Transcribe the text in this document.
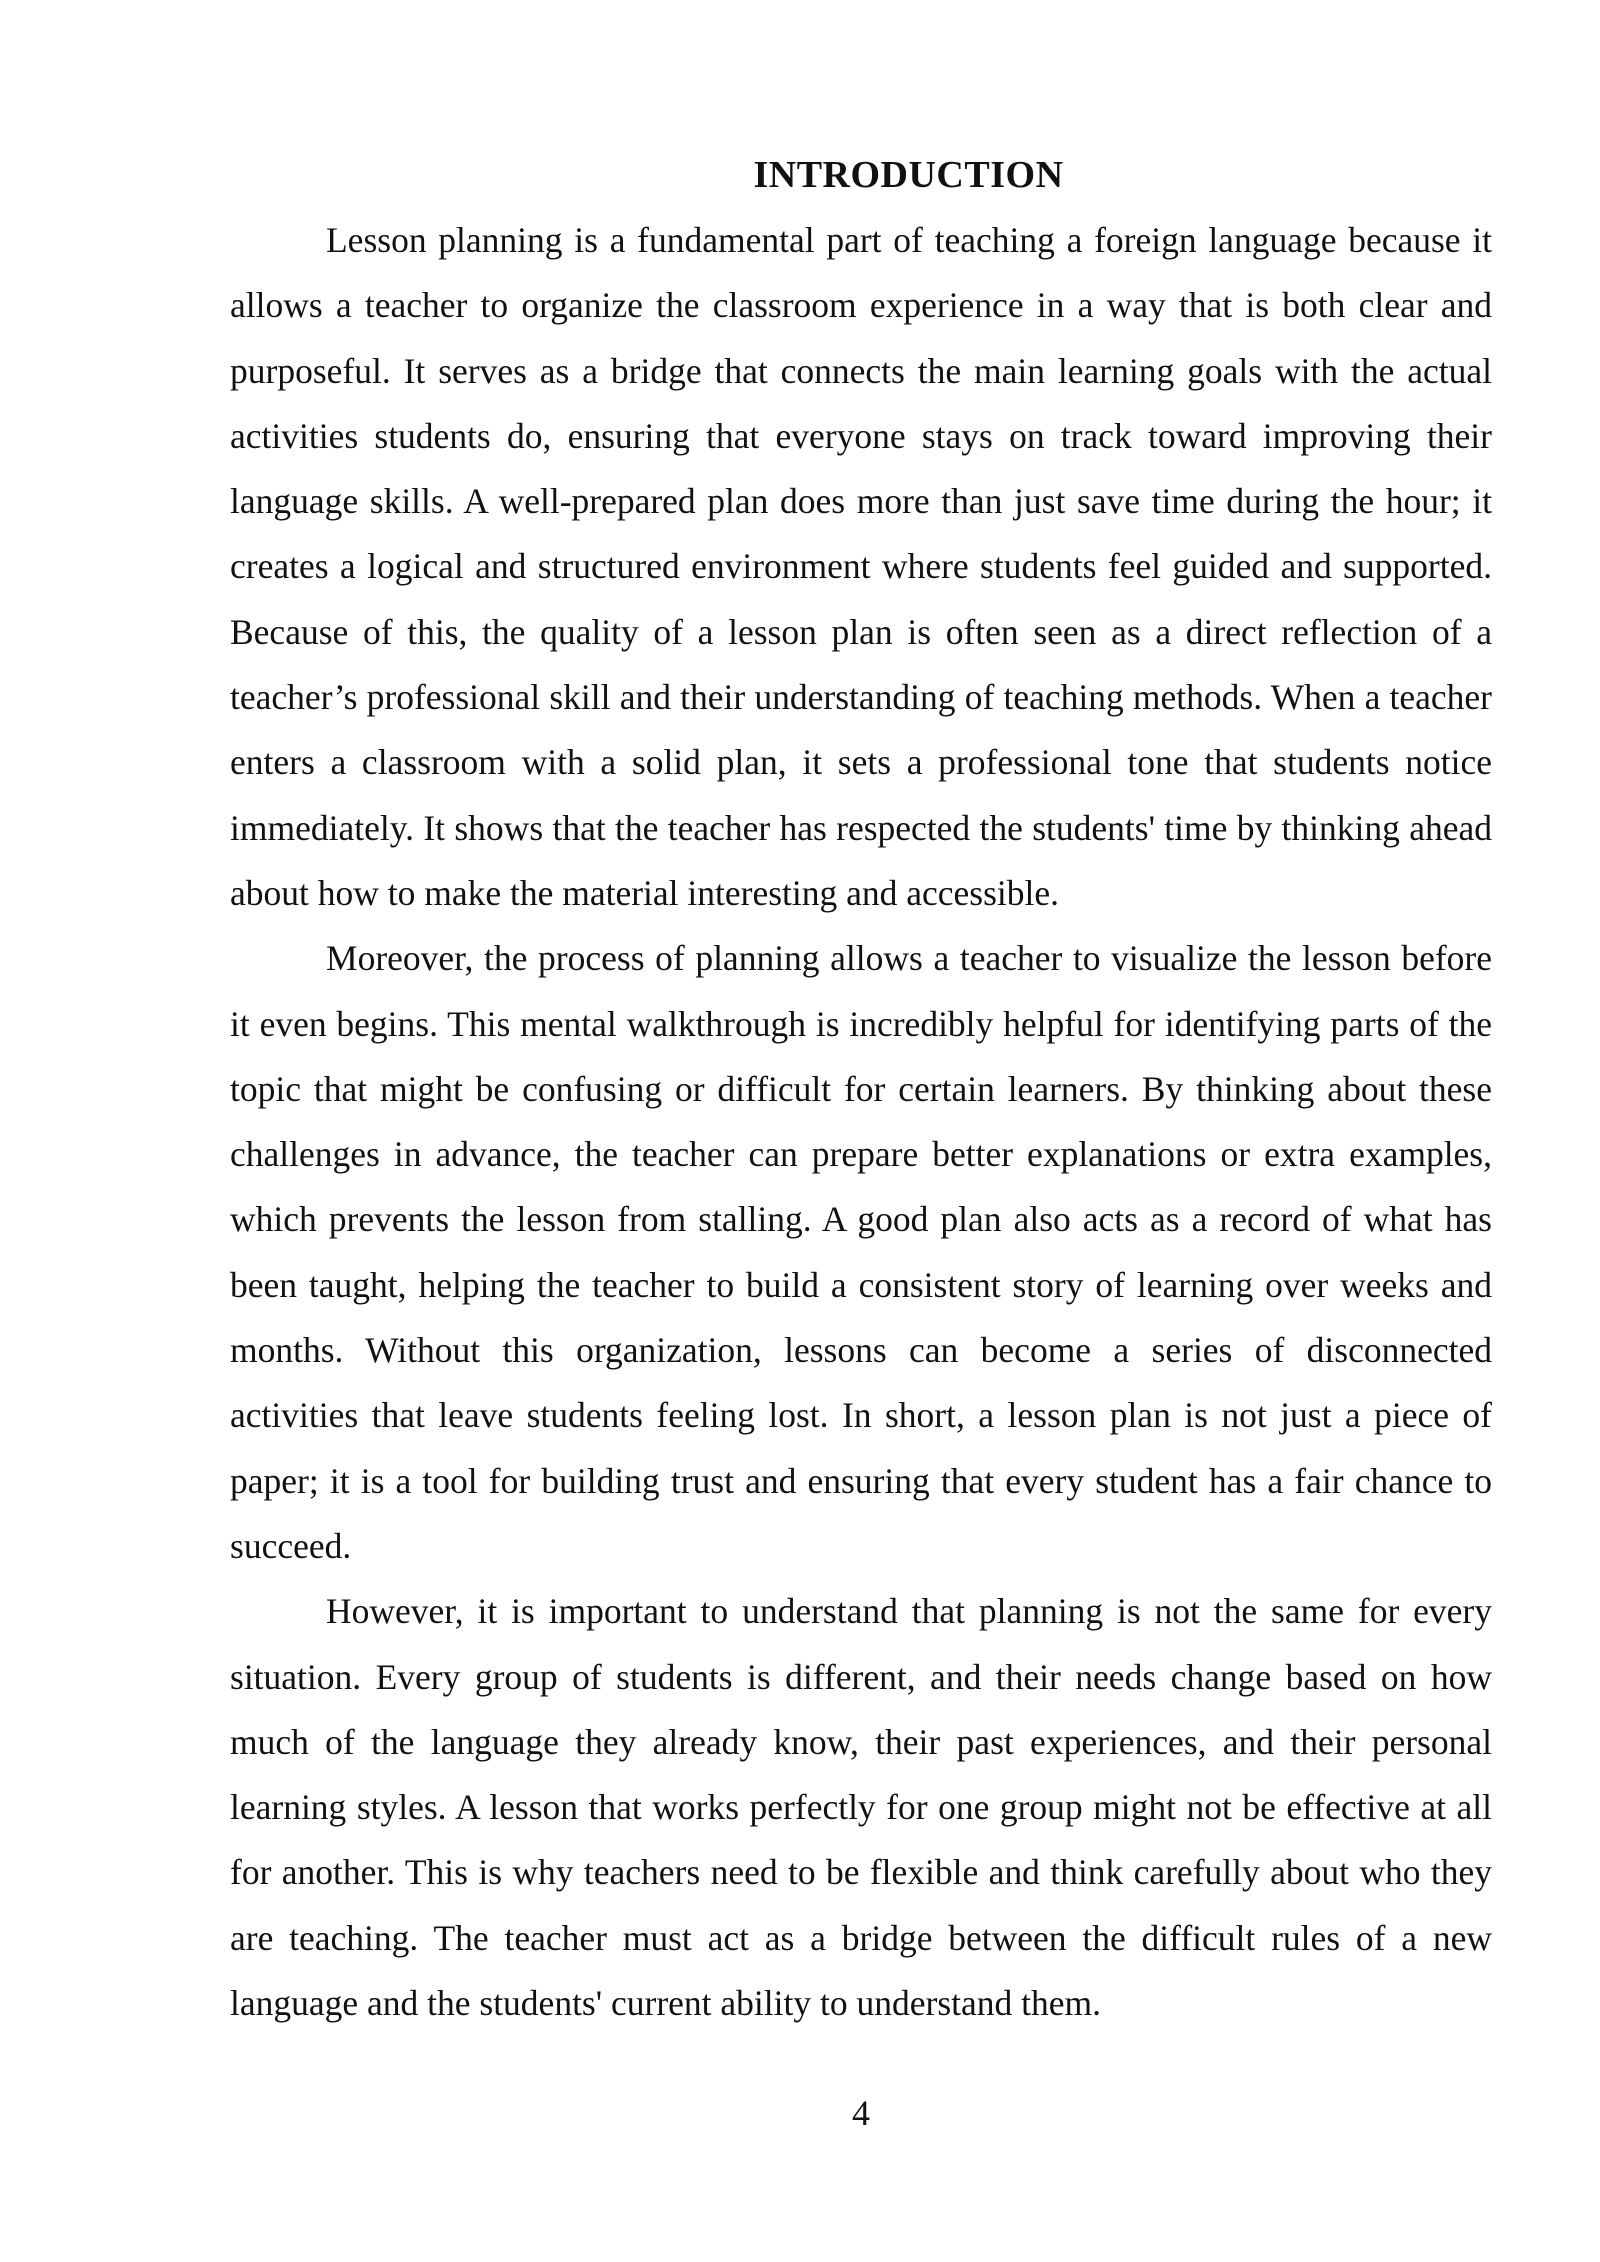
INTRODUCTION

Lesson planning is a fundamental part of teaching a foreign language because it allows a teacher to organize the classroom experience in a way that is both clear and purposeful. It serves as a bridge that connects the main learning goals with the actual activities students do, ensuring that everyone stays on track toward improving their language skills. A well-prepared plan does more than just save time during the hour; it creates a logical and structured environment where students feel guided and supported. Because of this, the quality of a lesson plan is often seen as a direct reflection of a teacher’s professional skill and their understanding of teaching methods. When a teacher enters a classroom with a solid plan, it sets a professional tone that students notice immediately. It shows that the teacher has respected the students' time by thinking ahead about how to make the material interesting and accessible.

Moreover, the process of planning allows a teacher to visualize the lesson before it even begins. This mental walkthrough is incredibly helpful for identifying parts of the topic that might be confusing or difficult for certain learners. By thinking about these challenges in advance, the teacher can prepare better explanations or extra examples, which prevents the lesson from stalling. A good plan also acts as a record of what has been taught, helping the teacher to build a consistent story of learning over weeks and months. Without this organization, lessons can become a series of disconnected activities that leave students feeling lost. In short, a lesson plan is not just a piece of paper; it is a tool for building trust and ensuring that every student has a fair chance to succeed.

However, it is important to understand that planning is not the same for every situation. Every group of students is different, and their needs change based on how much of the language they already know, their past experiences, and their personal learning styles. A lesson that works perfectly for one group might not be effective at all for another. This is why teachers need to be flexible and think carefully about who they are teaching. The teacher must act as a bridge between the difficult rules of a new language and the students' current ability to understand them.

4
